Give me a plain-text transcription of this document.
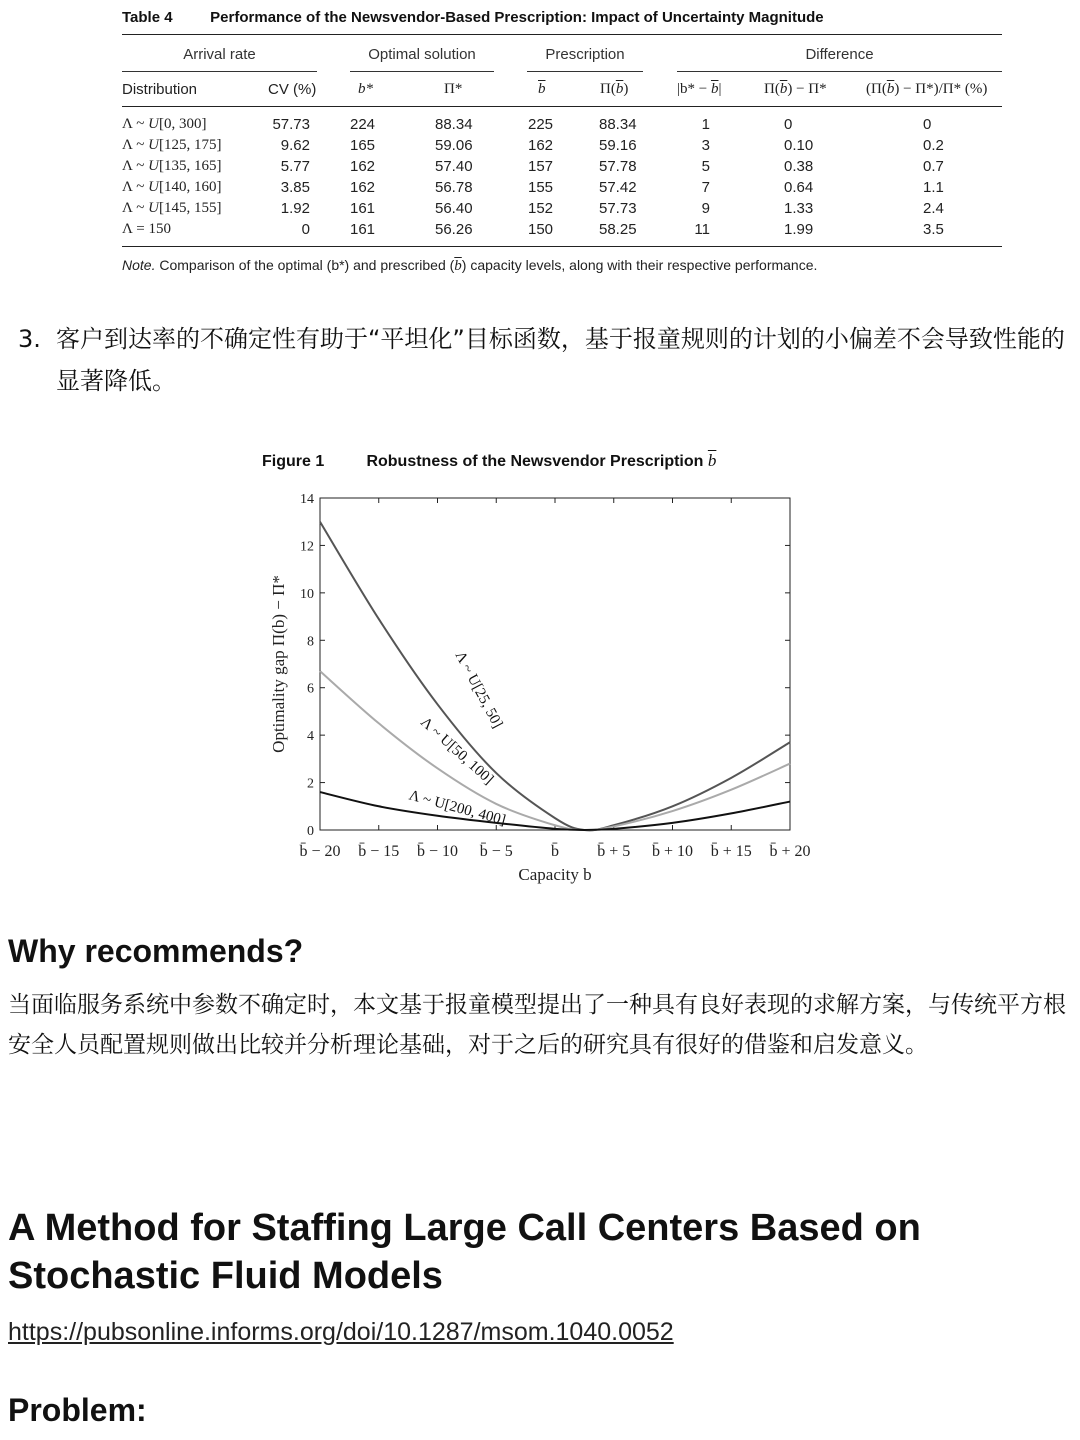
Table 4	Performance of the Newsvendor-Based Prescription: Impact of Uncertainty Magnitude
Arrival rate	Optimal solution	Prescription	Difference
Distribution	CV (%)	b*	Π*	$\overline{b}$	$\Pi(\overline{b})$	$|b* - \overline{b}|$	$\Pi(\overline{b}) - \Pi*$	$(\Pi(\overline{b}) - \Pi*)/\Pi*$ (%)
Λ ~ U[0, 300]	57.73	224	88.34	225	88.34	1	0	0
Λ ~ U[125, 175]	9.62	165	59.06	162	59.16	3	0.10	0.2
Λ ~ U[135, 165]	5.77	162	57.40	157	57.78	5	0.38	0.7
Λ ~ U[140, 160]	3.85	162	56.78	155	57.42	7	0.64	1.1
Λ ~ U[145, 155]	1.92	161	56.40	152	57.73	9	1.33	2.4
Λ = 150	0	161	56.26	150	58.25	11	1.99	3.5
Note. Comparison of the optimal (b*) and prescribed $(\overline{b})$ capacity levels, along with their respective performance.
3. 客户到达率的不确定性有助于“平坦化”目标函数，基于报童规则的计划的小偏差不会导致性能的显著降低。
Figure 1	Robustness of the Newsvendor Prescription $\overline{b}$
0
2
4
6
8
10
12
14
b̄ − 20 b̄ − 15 b̄ − 10 b̄ − 5 b̄ b̄ + 5 b̄ + 10 b̄ + 15 b̄ + 20
Capacity b
Optimality gap Π(b) − Π*	Λ ~ U[25, 50]
Λ ~ U[50, 100]
Λ ~ U[200, 400]
Why recommends?
当面临服务系统中参数不确定时，本文基于报童模型提出了一种具有良好表现的求解方案，与传统平方根安全人员配置规则做出比较并分析理论基础，对于之后的研究具有很好的借鉴和启发意义。
A Method for Staffing Large Call Centers Based on Stochastic Fluid Models
https://pubsonline.informs.org/doi/10.1287/msom.1040.0052
Problem:
